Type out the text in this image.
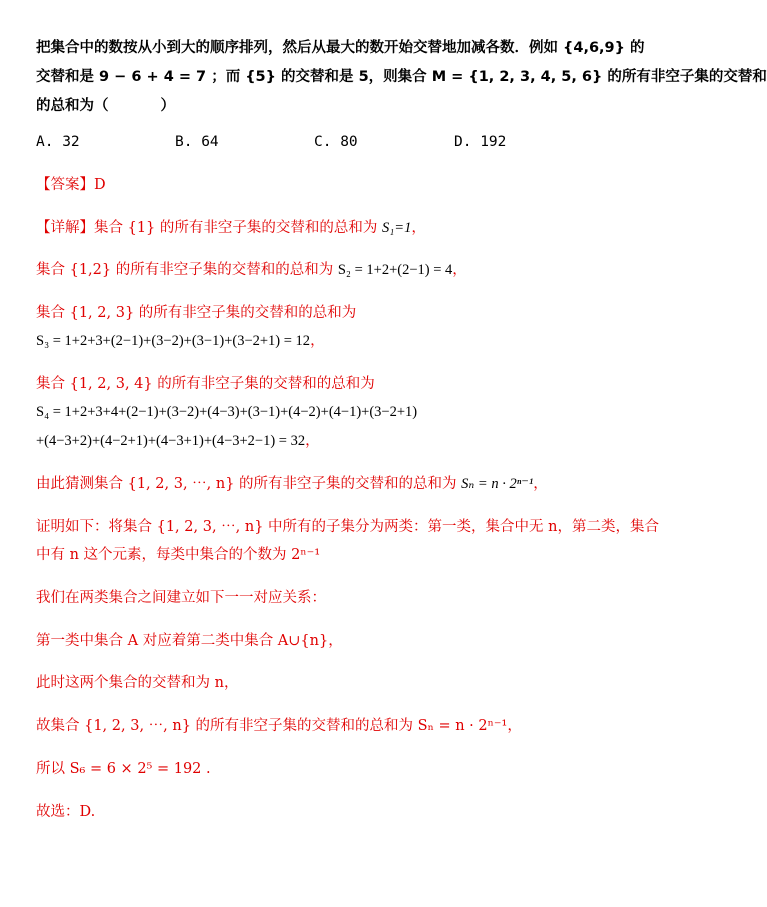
把集合中的数按从小到大的顺序排列，然后从最大的数开始交替地加减各数．例如 {4,6,9} 的
交替和是 9 − 6 + 4 = 7 ；而 {5} 的交替和是 5，则集合 M = {1, 2, 3, 4, 5, 6} 的所有非空子集的交替和
的总和为（	）
A. 32	B. 64	C. 80	D. 192
【答案】D
【详解】集合 {1} 的所有非空子集的交替和的总和为 S₁=1，
集合 {1,2} 的所有非空子集的交替和的总和为 S₂ = 1+2+(2−1) = 4，
集合 {1, 2, 3} 的所有非空子集的交替和的总和为
S₃ = 1+2+3+(2−1)+(3−2)+(3−1)+(3−2+1) = 12，
集合 {1, 2, 3, 4} 的所有非空子集的交替和的总和为
S₄ = 1+2+3+4+(2−1)+(3−2)+(4−3)+(3−1)+(4−2)+(4−1)+(3−2+1)
+(4−3+2)+(4−2+1)+(4−3+1)+(4−3+2−1) = 32，
由此猜测集合 {1, 2, 3, ⋯, n} 的所有非空子集的交替和的总和为 Sₙ = n · 2ⁿ⁻¹，
证明如下：将集合 {1, 2, 3, ⋯, n} 中所有的子集分为两类：第一类，集合中无 n，第二类，集合
中有 n 这个元素，每类中集合的个数为 2ⁿ⁻¹
我们在两类集合之间建立如下一一对应关系：
第一类中集合 A 对应着第二类中集合 A∪{n}，
此时这两个集合的交替和为 n，
故集合 {1, 2, 3, ⋯, n} 的所有非空子集的交替和的总和为 Sₙ = n · 2ⁿ⁻¹，
所以 S₆ = 6 × 2⁵ = 192 .
故选：D.
